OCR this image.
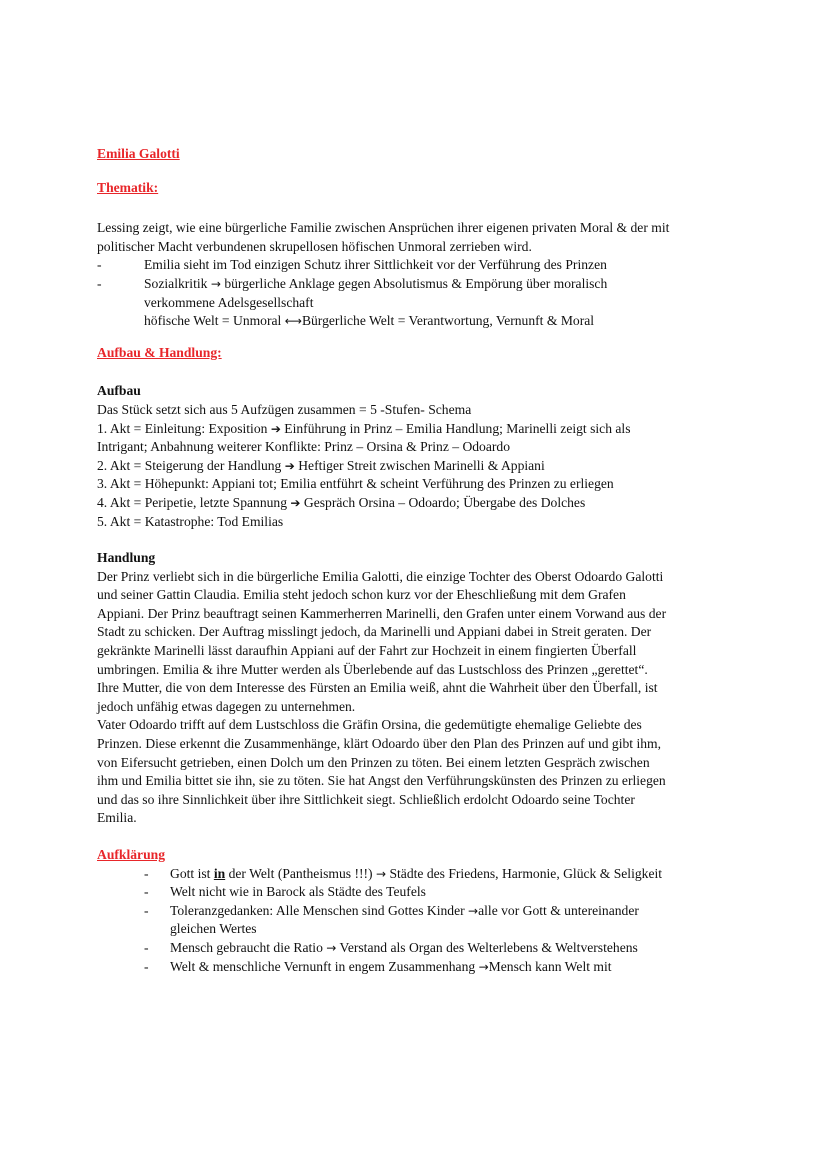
Emilia Galotti

Thematik:

Lessing zeigt, wie eine bürgerliche Familie zwischen Ansprüchen ihrer eigenen privaten Moral & der mit politischer Macht verbundenen skrupellosen höfischen Unmoral zerrieben wird.

-	Emilia sieht im Tod einzigen Schutz ihrer Sittlichkeit vor der Verführung des Prinzen
-	Sozialkritik → bürgerliche Anklage gegen Absolutismus & Empörung über moralisch verkommene Adelsgesellschaft
höfische Welt = Unmoral ⟷Bürgerliche Welt = Verantwortung, Vernunft & Moral

Aufbau & Handlung:

Aufbau

Das Stück setzt sich aus 5 Aufzügen zusammen = 5 -Stufen- Schema

1. Akt = Einleitung: Exposition ➔ Einführung in Prinz – Emilia Handlung; Marinelli zeigt sich als Intrigant; Anbahnung weiterer Konflikte: Prinz – Orsina & Prinz – Odoardo

2. Akt = Steigerung der Handlung ➔ Heftiger Streit zwischen Marinelli & Appiani

3. Akt = Höhepunkt: Appiani tot; Emilia entführt & scheint Verführung des Prinzen zu erliegen

4. Akt = Peripetie, letzte Spannung ➔ Gespräch Orsina – Odoardo; Übergabe des Dolches

5. Akt = Katastrophe: Tod Emilias

Handlung

Der Prinz verliebt sich in die bürgerliche Emilia Galotti, die einzige Tochter des Oberst Odoardo Galotti und seiner Gattin Claudia. Emilia steht jedoch schon kurz vor der Eheschließung mit dem Grafen Appiani. Der Prinz beauftragt seinen Kammerherren Marinelli, den Grafen unter einem Vorwand aus der Stadt zu schicken. Der Auftrag misslingt jedoch, da Marinelli und Appiani dabei in Streit geraten. Der gekränkte Marinelli lässt daraufhin Appiani auf der Fahrt zur Hochzeit in einem fingierten Überfall umbringen. Emilia & ihre Mutter werden als Überlebende auf das Lustschloss des Prinzen „gerettet“. Ihre Mutter, die von dem Interesse des Fürsten an Emilia weiß, ahnt die Wahrheit über den Überfall, ist jedoch unfähig etwas dagegen zu unternehmen.

Vater Odoardo trifft auf dem Lustschloss die Gräfin Orsina, die gedemütigte ehemalige Geliebte des Prinzen. Diese erkennt die Zusammenhänge, klärt Odoardo über den Plan des Prinzen auf und gibt ihm, von Eifersucht getrieben, einen Dolch um den Prinzen zu töten. Bei einem letzten Gespräch zwischen ihm und Emilia bittet sie ihn, sie zu töten. Sie hat Angst den Verführungskünsten des Prinzen zu erliegen und das so ihre Sinnlichkeit über ihre Sittlichkeit siegt. Schließlich erdolcht Odoardo seine Tochter Emilia.

Aufklärung

- Gott ist in der Welt (Pantheismus !!!) → Städte des Friedens, Harmonie, Glück & Seligkeit
- Welt nicht wie in Barock als Städte des Teufels
- Toleranzgedanken: Alle Menschen sind Gottes Kinder →alle vor Gott & untereinander gleichen Wertes
- Mensch gebraucht die Ratio → Verstand als Organ des Welterlebens & Weltverstehens
- Welt & menschliche Vernunft in engem Zusammenhang →Mensch kann Welt mit
